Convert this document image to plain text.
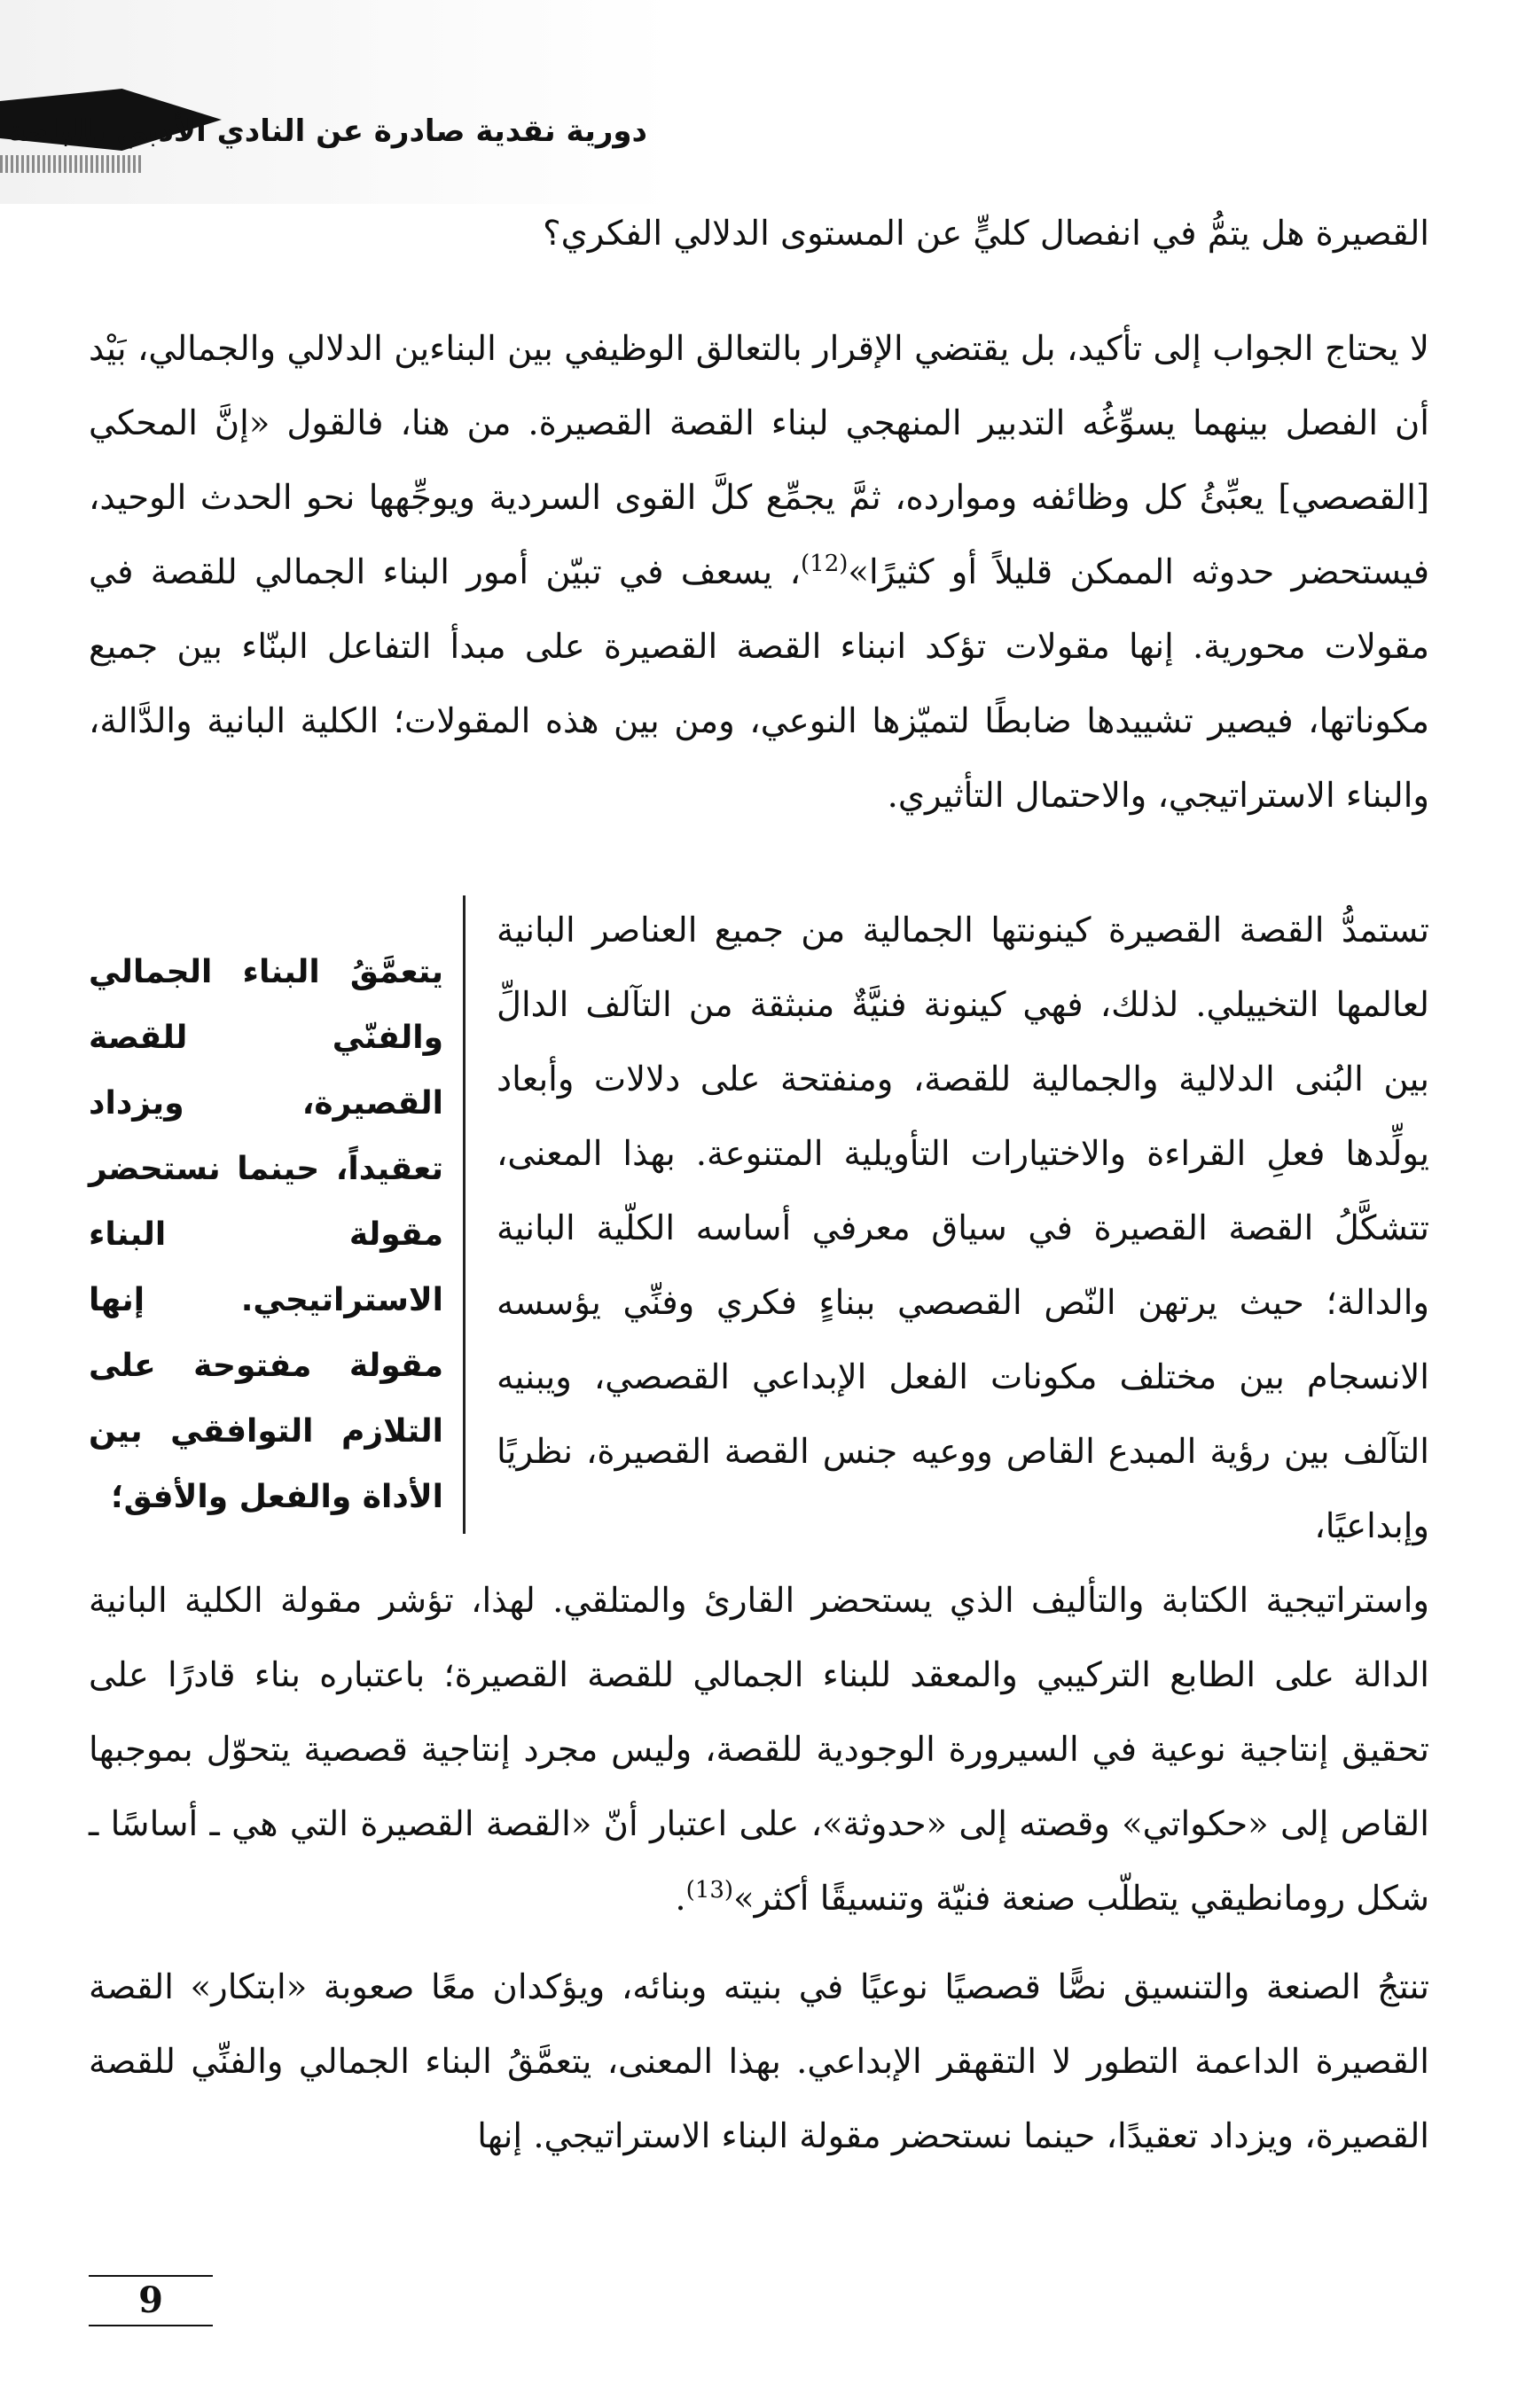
دورية نقدية صادرة عن النادي الأدبي بالباحة

القصيرة هل يتمُّ في انفصال كليٍّ عن المستوى الدلالي الفكري؟

لا يحتاج الجواب إلى تأكيد، بل يقتضي الإقرار بالتعالق الوظيفي بين البناءين الدلالي والجمالي، بَيْد أن الفصل بينهما يسوِّغُه التدبير المنهجي لبناء القصة القصيرة. من هنا، فالقول «إنَّ المحكي [القصصي] يعبِّئُ كل وظائفه وموارده، ثمَّ يجمِّع كلَّ القوى السردية ويوجِّهها نحو الحدث الوحيد، فيستحضر حدوثه الممكن قليلاً أو كثيرًا»$^{(12)}$، يسعف في تبيّن أمور البناء الجمالي للقصة في مقولات محورية. إنها مقولات تؤكد انبناء القصة القصيرة على مبدأ التفاعل البنّاء بين جميع مكوناتها، فيصير تشييدها ضابطًا لتميّزها النوعي، ومن بين هذه المقولات؛ الكلية البانية والدَّالة، والبناء الاستراتيجي، والاحتمال التأثيري.

تستمدُّ القصة القصيرة كينونتها الجمالية من جميع العناصر البانية لعالمها التخييلي. لذلك، فهي كينونة فنيَّةٌ منبثقة من التآلف الدالِّ بين البُنى الدلالية والجمالية للقصة، ومنفتحة على دلالات وأبعاد يولِّدها فعلِ القراءة والاختيارات التأويلية المتنوعة. بهذا المعنى، تتشكَّلُ القصة القصيرة في سياق معرفي أساسه الكلّية البانية والدالة؛ حيث يرتهن النّص القصصي ببناءٍ فكري وفنِّي يؤسسه الانسجام بين مختلف مكونات الفعل الإبداعي القصصي، ويبنيه التآلف بين رؤية المبدع القاص ووعيه جنس القصة القصيرة، نظريًا وإبداعيًا،

يتعمَّقُ البناء الجمالي والفنّي للقصة القصيرة، ويزداد تعقيداً، حينما نستحضر مقولة البناء الاستراتيجي. إنها مقولة مفتوحة على التلازم التوافقي بين الأداة والفعل والأفق؛

واستراتيجية الكتابة والتأليف الذي يستحضر القارئ والمتلقي. لهذا، تؤشر مقولة الكلية البانية الدالة على الطابع التركيبي والمعقد للبناء الجمالي للقصة القصيرة؛ باعتباره بناء قادرًا على تحقيق إنتاجية نوعية في السيرورة الوجودية للقصة، وليس مجرد إنتاجية قصصية يتحوّل بموجبها القاص إلى «حكواتي» وقصته إلى «حدوثة»، على اعتبار أنّ «القصة القصيرة التي هي ـ أساسًا ـ شكل رومانطيقي يتطلّب صنعة فنيّة وتنسيقًا أكثر»$^{(13)}$.

تنتجُ الصنعة والتنسيق نصًّا قصصيًا نوعيًا في بنيته وبنائه، ويؤكدان معًا صعوبة «ابتكار» القصة القصيرة الداعمة التطور لا التقهقر الإبداعي. بهذا المعنى، يتعمَّقُ البناء الجمالي والفنِّي للقصة القصيرة، ويزداد تعقيدًا، حينما نستحضر مقولة البناء الاستراتيجي. إنها

9
